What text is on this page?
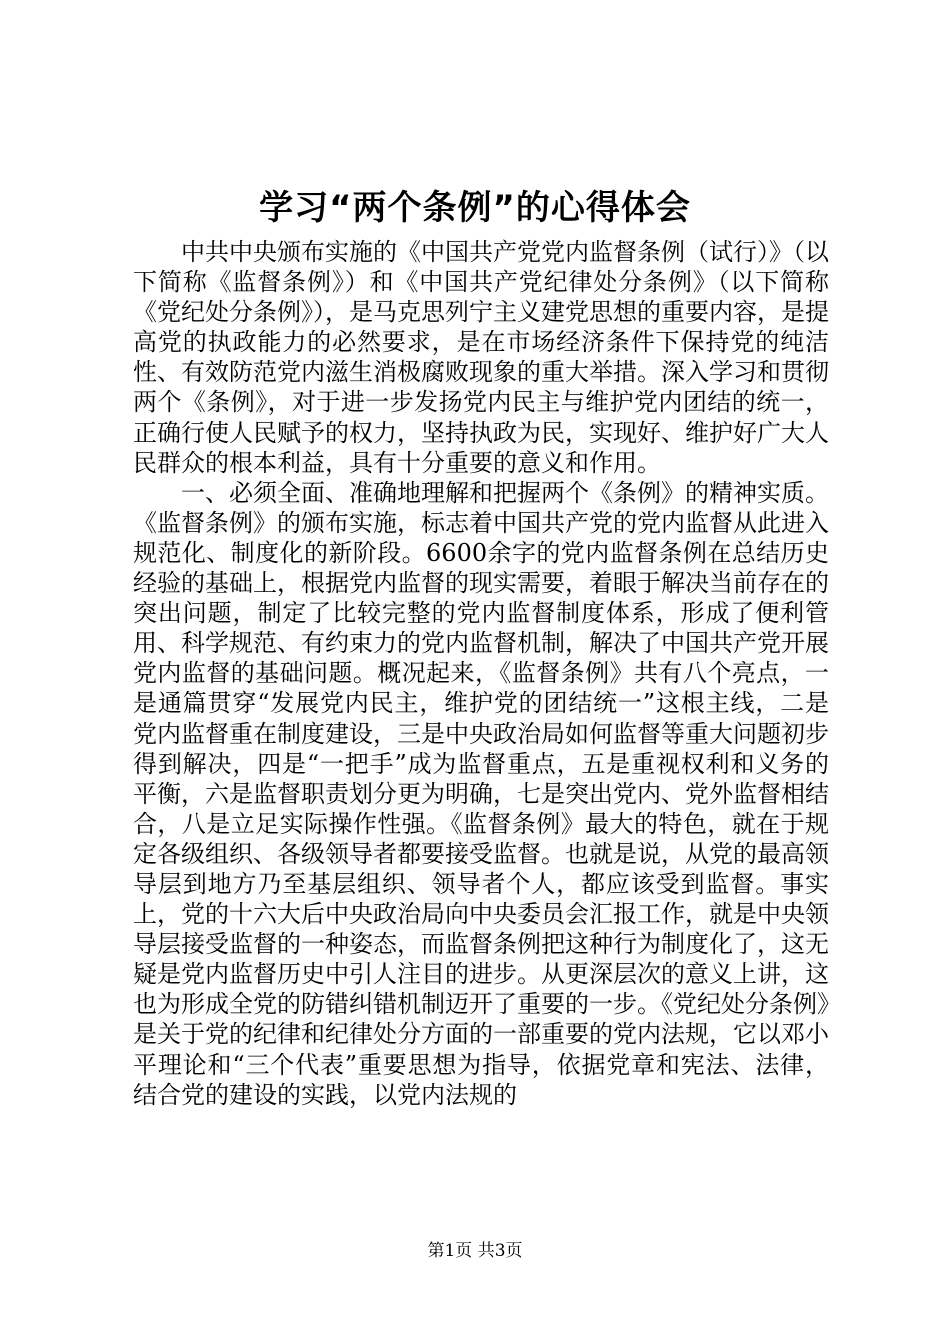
学习“两个条例”的心得体会

中共中央颁布实施的《中国共产党党内监督条例（试行）》（以下简称《监督条例》）和《中国共产党纪律处分条例》（以下简称《党纪处分条例》），是马克思列宁主义建党思想的重要内容，是提高党的执政能力的必然要求，是在市场经济条件下保持党的纯洁性、有效防范党内滋生消极腐败现象的重大举措。深入学习和贯彻两个《条例》，对于进一步发扬党内民主与维护党内团结的统一，正确行使人民赋予的权力，坚持执政为民，实现好、维护好广大人民群众的根本利益，具有十分重要的意义和作用。

一、必须全面、准确地理解和把握两个《条例》的精神实质。《监督条例》的颁布实施，标志着中国共产党的党内监督从此进入规范化、制度化的新阶段。6600余字的党内监督条例在总结历史经验的基础上，根据党内监督的现实需要，着眼于解决当前存在的突出问题，制定了比较完整的党内监督制度体系，形成了便利管用、科学规范、有约束力的党内监督机制，解决了中国共产党开展党内监督的基础问题。概况起来，《监督条例》共有八个亮点，一是通篇贯穿“发展党内民主，维护党的团结统一”这根主线，二是党内监督重在制度建设，三是中央政治局如何监督等重大问题初步得到解决，四是“一把手”成为监督重点，五是重视权利和义务的平衡，六是监督职责划分更为明确，七是突出党内、党外监督相结合，八是立足实际操作性强。《监督条例》最大的特色，就在于规定各级组织、各级领导者都要接受监督。也就是说，从党的最高领导层到地方乃至基层组织、领导者个人，都应该受到监督。事实上，党的十六大后中央政治局向中央委员会汇报工作，就是中央领导层接受监督的一种姿态，而监督条例把这种行为制度化了，这无疑是党内监督历史中引人注目的进步。从更深层次的意义上讲，这也为形成全党的防错纠错机制迈开了重要的一步。《党纪处分条例》是关于党的纪律和纪律处分方面的一部重要的党内法规，它以邓小平理论和“三个代表”重要思想为指导，依据党章和宪法、法律，结合党的建设的实践，以党内法规的

第1页 共3页
